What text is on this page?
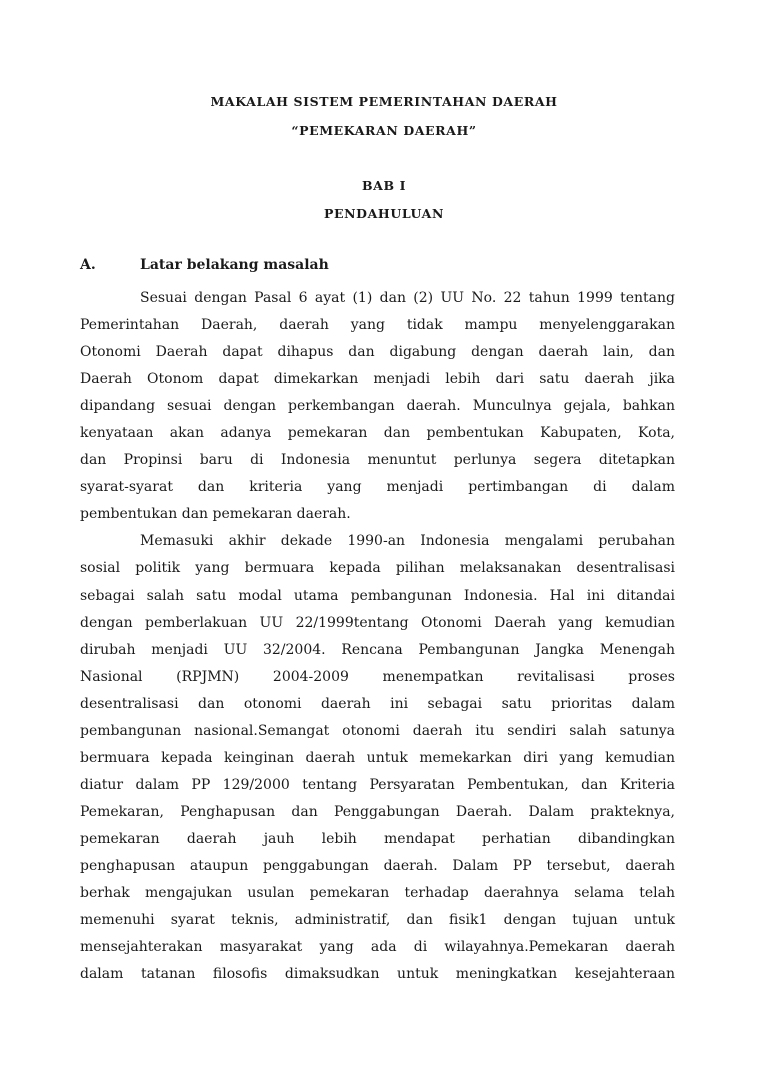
MAKALAH SISTEM PEMERINTAHAN DAERAH
“PEMEKARAN DAERAH”
BAB I
PENDAHULUAN
A.	Latar belakang masalah
Sesuai dengan Pasal 6 ayat (1) dan (2) UU No. 22 tahun 1999 tentang
Pemerintahan Daerah, daerah yang tidak mampu menyelenggarakan
Otonomi Daerah dapat dihapus dan digabung dengan daerah lain, dan
Daerah Otonom dapat dimekarkan menjadi lebih dari satu daerah jika
dipandang sesuai dengan perkembangan daerah. Munculnya gejala, bahkan
kenyataan akan adanya pemekaran dan pembentukan Kabupaten, Kota,
dan Propinsi baru di Indonesia menuntut perlunya segera ditetapkan
syarat-syarat dan kriteria yang menjadi pertimbangan di dalam
pembentukan dan pemekaran daerah.
Memasuki akhir dekade 1990-an Indonesia mengalami perubahan
sosial politik yang bermuara kepada pilihan melaksanakan desentralisasi
sebagai salah satu modal utama pembangunan Indonesia. Hal ini ditandai
dengan pemberlakuan UU 22/1999tentang Otonomi Daerah yang kemudian
dirubah menjadi UU 32/2004. Rencana Pembangunan Jangka Menengah
Nasional (RPJMN) 2004-2009 menempatkan revitalisasi proses
desentralisasi dan otonomi daerah ini sebagai satu prioritas dalam
pembangunan nasional.Semangat otonomi daerah itu sendiri salah satunya
bermuara kepada keinginan daerah untuk memekarkan diri yang kemudian
diatur dalam PP 129/2000 tentang Persyaratan Pembentukan, dan Kriteria
Pemekaran, Penghapusan dan Penggabungan Daerah. Dalam prakteknya,
pemekaran daerah jauh lebih mendapat perhatian dibandingkan
penghapusan ataupun penggabungan daerah. Dalam PP tersebut, daerah
berhak mengajukan usulan pemekaran terhadap daerahnya selama telah
memenuhi syarat teknis, administratif, dan fisik1 dengan tujuan untuk
mensejahterakan masyarakat yang ada di wilayahnya.Pemekaran daerah
dalam tatanan filosofis dimaksudkan untuk meningkatkan kesejahteraan
